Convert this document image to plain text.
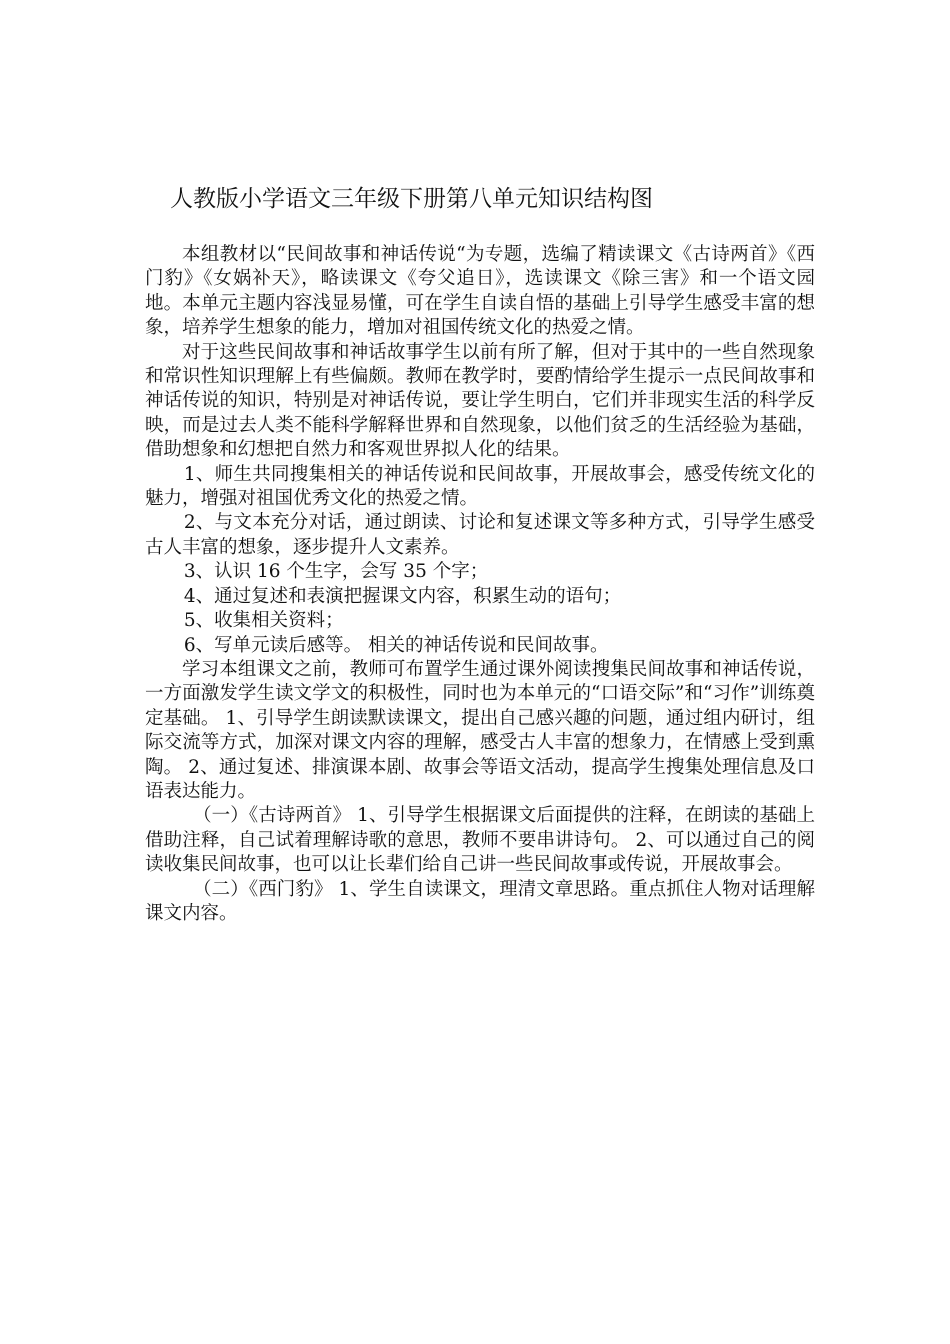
人教版小学语文三年级下册第八单元知识结构图

本组教材以“民间故事和神话传说“为专题，选编了精读课文《古诗两首》《西门豹》《女娲补天》，略读课文《夸父追日》，选读课文《除三害》和一个语文园地。本单元主题内容浅显易懂，可在学生自读自悟的基础上引导学生感受丰富的想象，培养学生想象的能力，增加对祖国传统文化的热爱之情。

对于这些民间故事和神话故事学生以前有所了解，但对于其中的一些自然现象和常识性知识理解上有些偏颇。教师在教学时，要酌情给学生提示一点民间故事和神话传说的知识，特别是对神话传说，要让学生明白，它们并非现实生活的科学反映，而是过去人类不能科学解释世界和自然现象，以他们贫乏的生活经验为基础，借助想象和幻想把自然力和客观世界拟人化的结果。

1、师生共同搜集相关的神话传说和民间故事，开展故事会，感受传统文化的魅力，增强对祖国优秀文化的热爱之情。

2、与文本充分对话，通过朗读、讨论和复述课文等多种方式，引导学生感受古人丰富的想象，逐步提升人文素养。

3、认识 16 个生字，会写 35 个字；

4、通过复述和表演把握课文内容，积累生动的语句；

5、收集相关资料；

6、写单元读后感等。 相关的神话传说和民间故事。

学习本组课文之前，教师可布置学生通过课外阅读搜集民间故事和神话传说，一方面激发学生读文学文的积极性，同时也为本单元的“口语交际”和“习作”训练奠定基础。 1、引导学生朗读默读课文，提出自己感兴趣的问题，通过组内研讨，组际交流等方式，加深对课文内容的理解，感受古人丰富的想象力，在情感上受到熏陶。 2、通过复述、排演课本剧、故事会等语文活动，提高学生搜集处理信息及口语表达能力。

（一）《古诗两首》 1、引导学生根据课文后面提供的注释，在朗读的基础上借助注释，自己试着理解诗歌的意思，教师不要串讲诗句。 2、可以通过自己的阅读收集民间故事，也可以让长辈们给自己讲一些民间故事或传说，开展故事会。

（二）《西门豹》 1、学生自读课文，理清文章思路。重点抓住人物对话理解课文内容。
